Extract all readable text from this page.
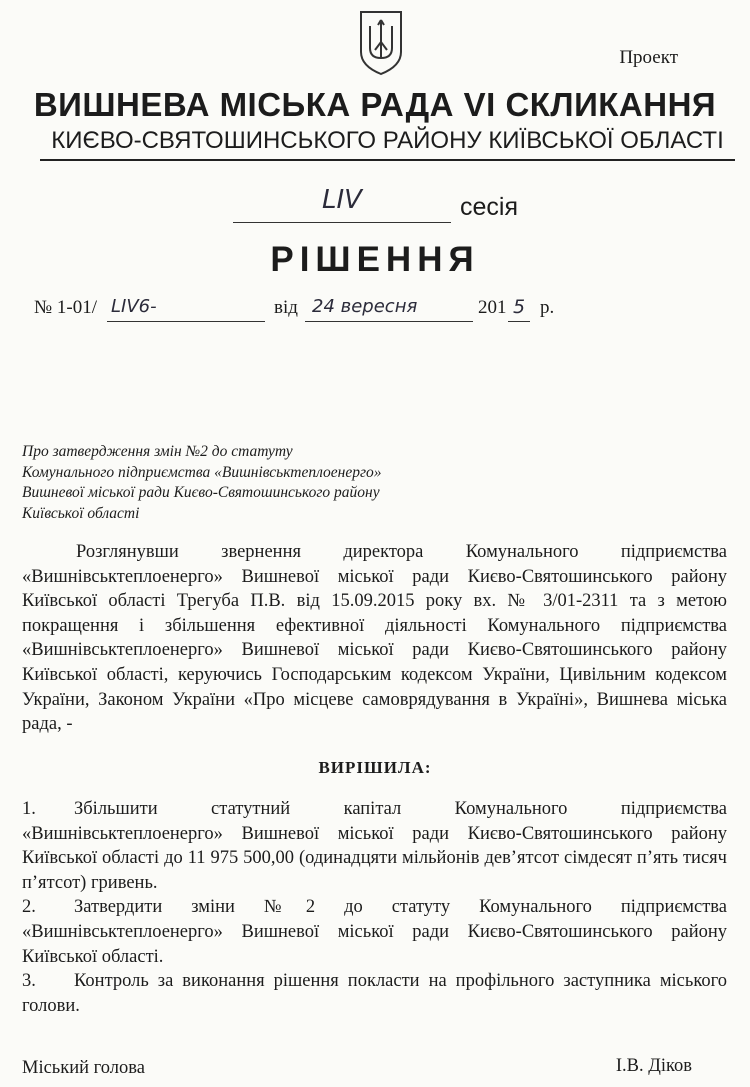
Проект
ВИШНЕВА МІСЬКА РАДА VI СКЛИКАННЯ
КИЄВО-СВЯТОШИНСЬКОГО РАЙОНУ КИЇВСЬКОЇ ОБЛАСТІ
LIV	сесія
РІШЕННЯ
№ 1-01/ LIV6-	від 24 вересня	201 5 р.
Про затвердження змін №2 до статуту
Комунального підприємства «Вишнівськтеплоенерго»
Вишневої міської ради Києво-Святошинського району
Київської області

Розглянувши звернення директора Комунального підприємства «Вишнівськтеплоенерго» Вишневої міської ради Києво-Святошинського району Київської області Трегуба П.В. від 15.09.2015 року вх. № 3/01-2311 та з метою покращення і збільшення ефективної діяльності Комунального підприємства «Вишнівськтеплоенерго» Вишневої міської ради Києво-Святошинського району Київської області, керуючись Господарським кодексом України, Цивільним кодексом України, Законом України «Про місцеве самоврядування в Україні», Вишнева міська рада, -

ВИРІШИЛА:
1. Збільшити статутний капітал Комунального підприємства «Вишнівськтеплоенерго» Вишневої міської ради Києво-Святошинського району Київської області до 11 975 500,00 (одинадцяти мільйонів дев’ятсот сімдесят п’ять тисяч п’ятсот) гривень.
2. Затвердити зміни №2 до статуту Комунального підприємства «Вишнівськтеплоенерго» Вишневої міської ради Києво-Святошинського району Київської області.
3. Контроль за виконання рішення покласти на профільного заступника міського голови.
Міський голова	І.В. Діков
